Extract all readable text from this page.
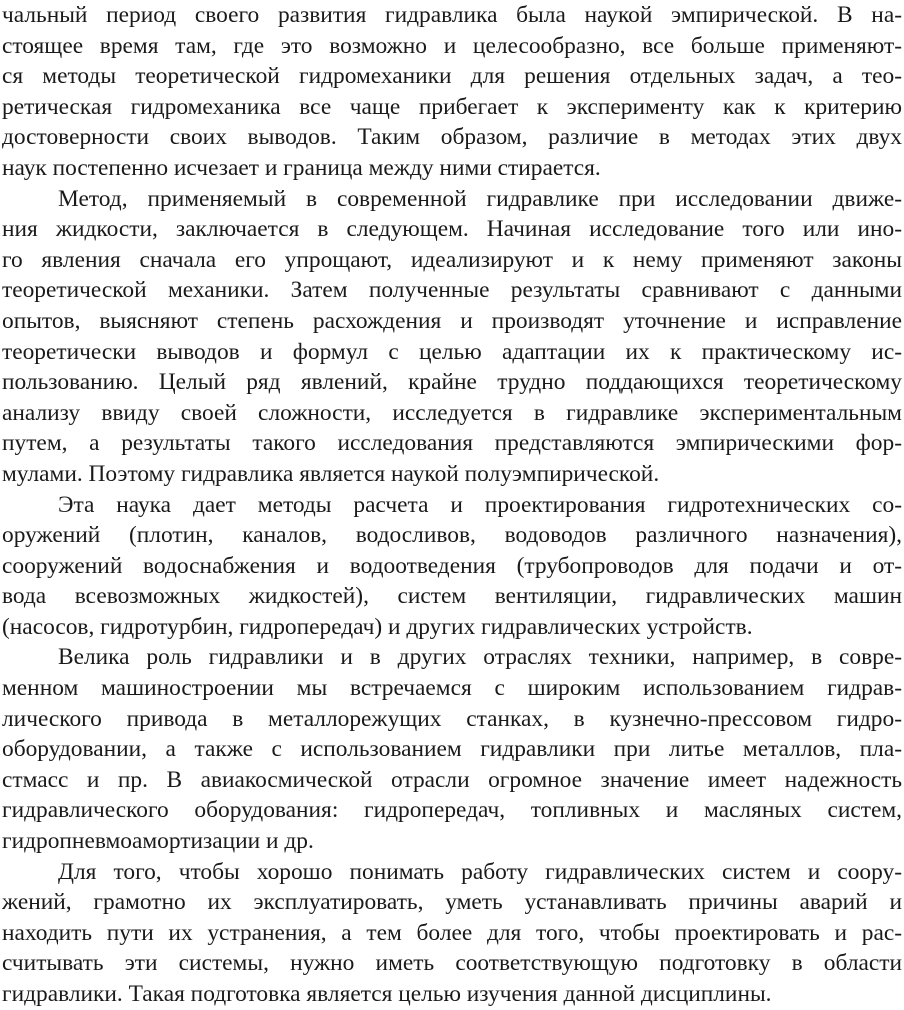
чальный период своего развития гидравлика была наукой эмпирической. В на-
стоящее время там, где это возможно и целесообразно, все больше применяют-
ся методы теоретической гидромеханики для решения отдельных задач, а тео-
ретическая гидромеханика все чаще прибегает к эксперименту как к критерию
достоверности своих выводов. Таким образом, различие в методах этих двух
наук постепенно исчезает и граница между ними стирается.
Метод, применяемый в современной гидравлике при исследовании движе-
ния жидкости, заключается в следующем. Начиная исследование того или ино-
го явления сначала его упрощают, идеализируют и к нему применяют законы
теоретической механики. Затем полученные результаты сравнивают с данными
опытов, выясняют степень расхождения и производят уточнение и исправление
теоретически выводов и формул с целью адаптации их к практическому ис-
пользованию. Целый ряд явлений, крайне трудно поддающихся теоретическому
анализу ввиду своей сложности, исследуется в гидравлике экспериментальным
путем, а результаты такого исследования представляются эмпирическими фор-
мулами. Поэтому гидравлика является наукой полуэмпирической.
Эта наука дает методы расчета и проектирования гидротехнических со-
оружений (плотин, каналов, водосливов, водоводов различного назначения),
сооружений водоснабжения и водоотведения (трубопроводов для подачи и от-
вода всевозможных жидкостей), систем вентиляции, гидравлических машин
(насосов, гидротурбин, гидропередач) и других гидравлических устройств.
Велика роль гидравлики и в других отраслях техники, например, в совре-
менном машиностроении мы встречаемся с широким использованием гидрав-
лического привода в металлорежущих станках, в кузнечно-прессовом гидро-
оборудовании, а также с использованием гидравлики при литье металлов, пла-
стмасс и пр. В авиакосмической отрасли огромное значение имеет надежность
гидравлического оборудования: гидропередач, топливных и масляных систем,
гидропневмоамортизации и др.
Для того, чтобы хорошо понимать работу гидравлических систем и соору-
жений, грамотно их эксплуатировать, уметь устанавливать причины аварий и
находить пути их устранения, а тем более для того, чтобы проектировать и рас-
считывать эти системы, нужно иметь соответствующую подготовку в области
гидравлики. Такая подготовка является целью изучения данной дисциплины.
